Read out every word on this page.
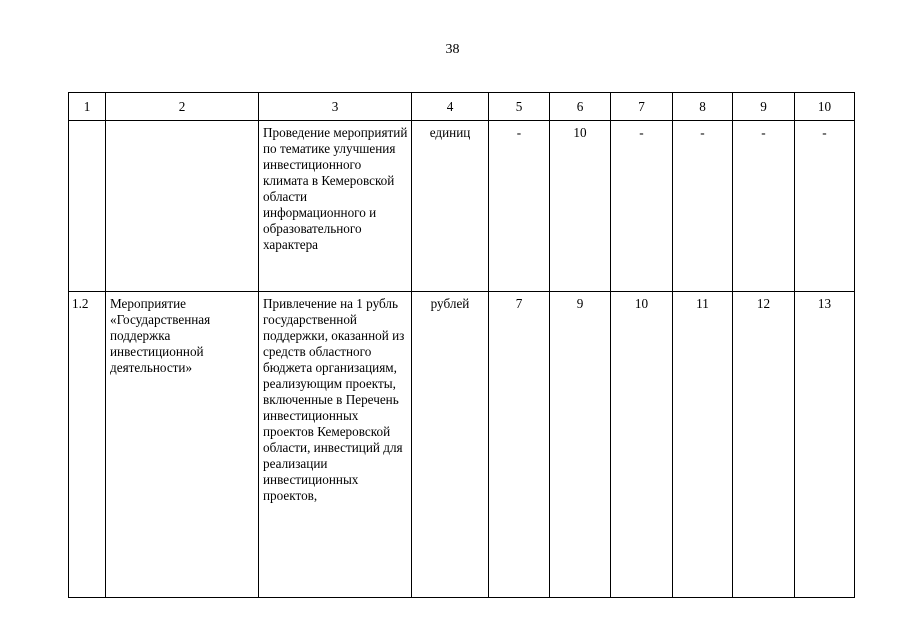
38
1	2	3	4	5	6	7	8	9	10
		Проведение мероприятий по тематике улучшения инвестиционного климата в Кемеровской области информационного и образовательного характера	единиц	-	10	-	-	-	-
1.2	Мероприятие «Государственная поддержка инвестиционной деятельности»	Привлечение на 1 рубль государственной поддержки, оказанной из средств областного бюджета организациям, реализующим проекты, включенные в Перечень инвестиционных проектов Кемеровской области, инвестиций для реализации инвестиционных проектов,	рублей	7	9	10	11	12	13
